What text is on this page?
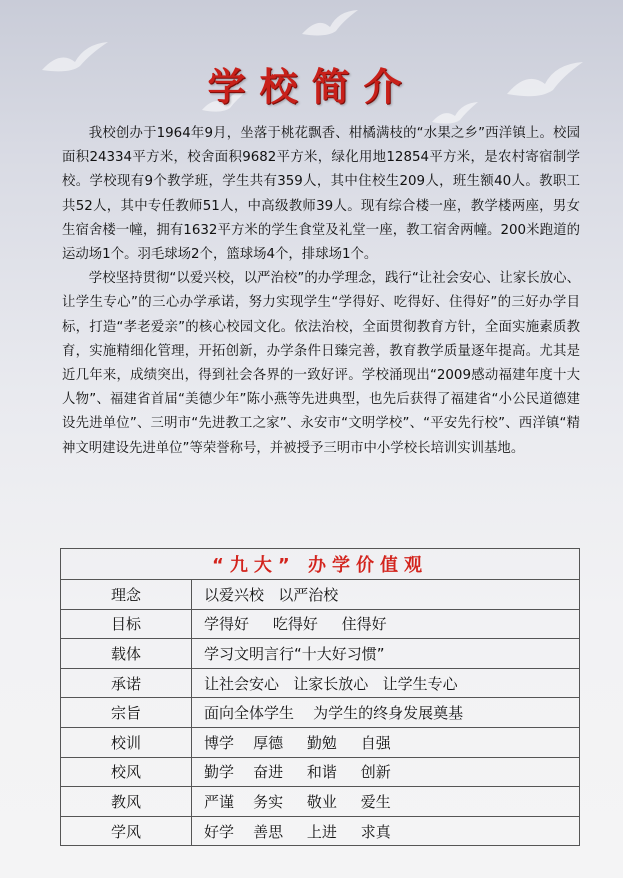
学校简介

我校创办于1964年9月，坐落于桃花飘香、柑橘满枝的“水果之乡”西洋镇上。校园面积24334平方米，校舍面积9682平方米，绿化用地12854平方米，是农村寄宿制学校。学校现有9个教学班，学生共有359人，其中住校生209人，班生额40人。教职工共52人，其中专任教师51人，中高级教师39人。现有综合楼一座，教学楼两座，男女生宿舍楼一幢，拥有1632平方米的学生食堂及礼堂一座，教工宿舍两幢。200米跑道的运动场1个。羽毛球场2个，篮球场4个，排球场1个。

学校坚持贯彻“以爱兴校，以严治校”的办学理念，践行“让社会安心、让家长放心、让学生专心”的三心办学承诺，努力实现学生“学得好、吃得好、住得好”的三好办学目标，打造“孝老爱亲”的核心校园文化。依法治校，全面贯彻教育方针，全面实施素质教育，实施精细化管理，开拓创新，办学条件日臻完善，教育教学质量逐年提高。尤其是近几年来，成绩突出，得到社会各界的一致好评。学校涌现出“2009感动福建年度十大人物”、福建省首届“美德少年”陈小燕等先进典型，也先后获得了福建省“小公民道德建设先进单位”、三明市“先进教工之家”、永安市“文明学校”、“平安先行校”、西洋镇“精神文明建设先进单位”等荣誉称号，并被授予三明市中小学校长培训实训基地。

“九大” 办学价值观	
理念	以爱兴校   以严治校
目标	学得好     吃得好     住得好
载体	学习文明言行“十大好习惯”
承诺	让社会安心   让家长放心   让学生专心
宗旨	面向全体学生    为学生的终身发展奠基
校训	博学    厚德     勤勉     自强
校风	勤学    奋进     和谐     创新
教风	严谨    务实     敬业     爱生
学风	好学    善思     上进     求真
